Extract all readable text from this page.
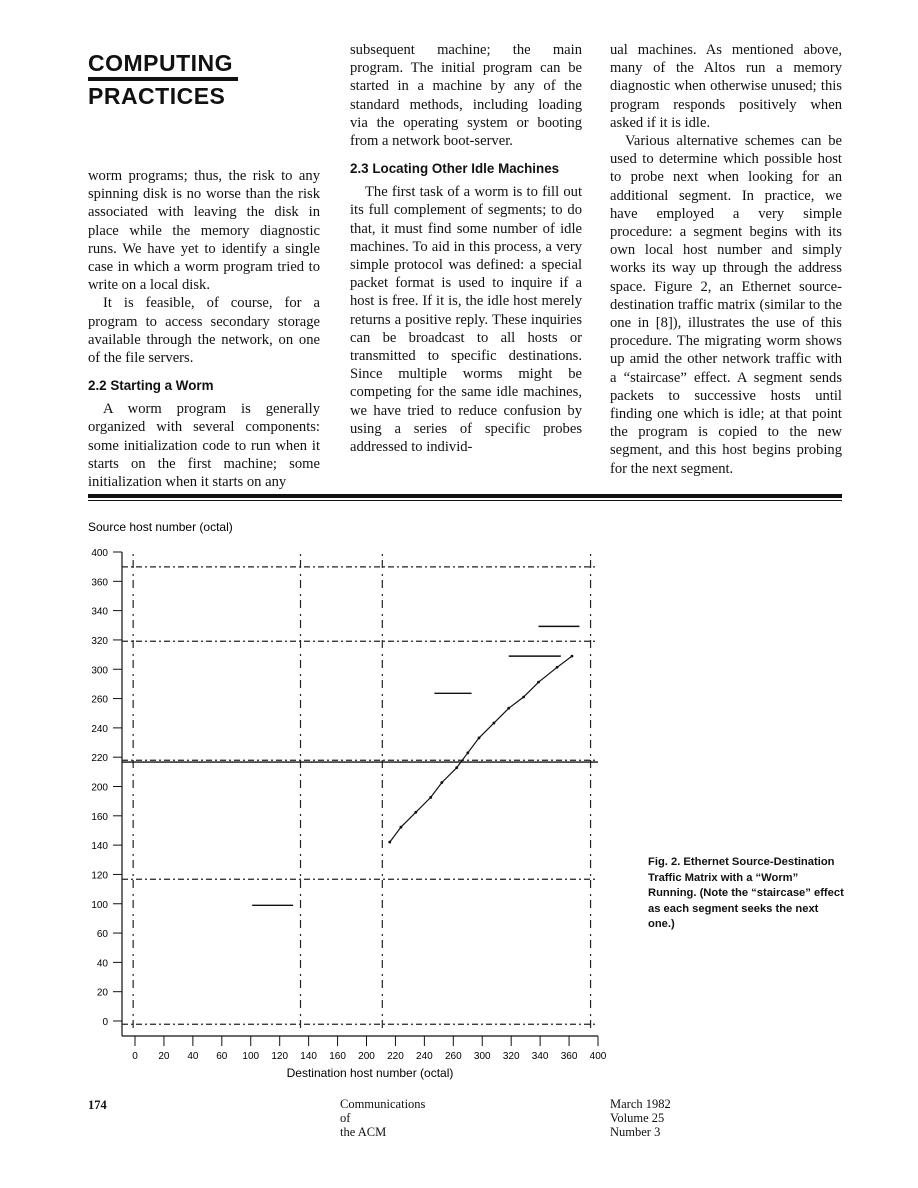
COMPUTING
PRACTICES

worm programs; thus, the risk to any spinning disk is no worse than the risk associated with leaving the disk in place while the memory diagnostic runs. We have yet to identify a single case in which a worm program tried to write on a local disk.

It is feasible, of course, for a program to access secondary storage available through the network, on one of the file servers.

2.2 Starting a Worm

A worm program is generally organized with several components: some initialization code to run when it starts on the first machine; some initialization when it starts on any

subsequent machine; the main program. The initial program can be started in a machine by any of the standard methods, including loading via the operating system or booting from a network boot-server.

2.3 Locating Other Idle Machines

The first task of a worm is to fill out its full complement of segments; to do that, it must find some number of idle machines. To aid in this process, a very simple protocol was defined: a special packet format is used to inquire if a host is free. If it is, the idle host merely returns a positive reply. These inquiries can be broadcast to all hosts or transmitted to specific destinations. Since multiple worms might be competing for the same idle machines, we have tried to reduce confusion by using a series of specific probes addressed to individ-

ual machines. As mentioned above, many of the Altos run a memory diagnostic when otherwise unused; this program responds positively when asked if it is idle.

Various alternative schemes can be used to determine which possible host to probe next when looking for an additional segment. In practice, we have employed a very simple procedure: a segment begins with its own local host number and simply works its way up through the address space. Figure 2, an Ethernet source-destination traffic matrix (similar to the one in [8]), illustrates the use of this procedure. The migrating worm shows up amid the other network traffic with a “staircase” effect. A segment sends packets to successive hosts until finding one which is idle; at that point the program is copied to the new segment, and this host begins probing for the next segment.

Source host number (octal)
0 20 40 60 100 120 140 160 200 220 240 260 300 320 340 360 400
400
360
340
320
300
260
240
220
200
160
140
120
100
60
40
20
0
Destination host number (octal)
Fig. 2. Ethernet Source-Destination Traffic Matrix with a “Worm” Running. (Note the “staircase” effect as each segment seeks the next one.)
174	Communications
of
the ACM
March 1982
Volume 25
Number 3
